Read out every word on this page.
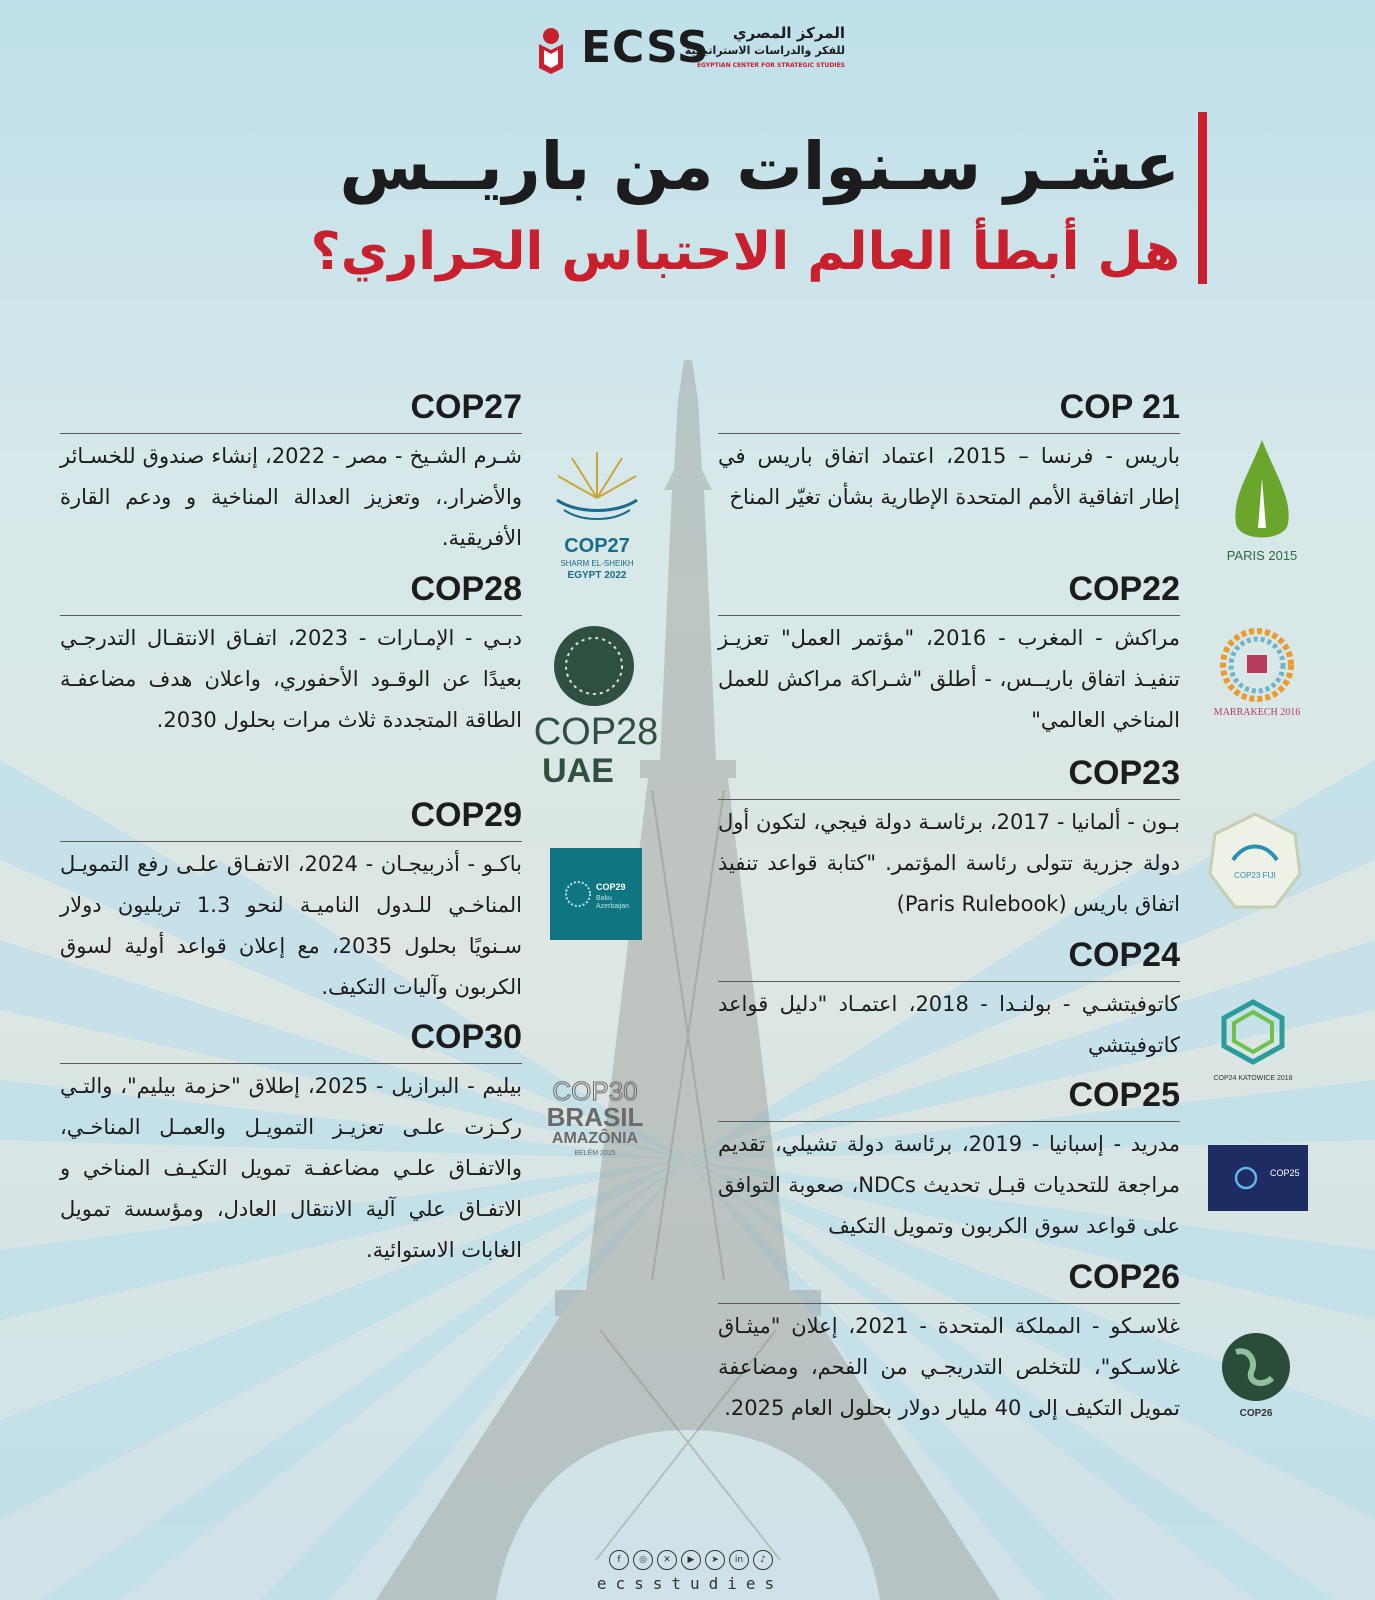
ECSS المركز المصري
للفكر والدراسات الاستراتيجية
EGYPTIAN CENTER FOR STRATEGIC STUDIES
عشـر سـنوات من باريــس
هل أبطأ العالم الاحتباس الحراري؟
COP 21
باريس - فرنسا – 2015، اعتماد اتفاق باريس في إطار اتفاقية الأمم المتحدة الإطارية بشأن تغيّر المناخ
COP22
مراكش - المغرب - 2016، "مؤتمر العمل" تعزيـز تنفيـذ اتفاق باريــس، - أطلق "شـراكة مراكش للعمل المناخي العالمي"
COP23
بـون - ألمانيا - 2017، برئاسـة دولة فيجي، لتكون أول دولة جزرية تتولى رئاسة المؤتمر. "كتابة قواعد تنفيذ اتفاق باريس (Paris Rulebook)
COP24
كاتوفيتشـي - بولنـدا - 2018، اعتمـاد "دليل قواعد كاتوفيتشي
COP25
مدريد - إسبانيا - 2019، برئاسة دولة تشيلي، تقديم مراجعة للتحديات قبـل تحديث NDCs، صعوبة التوافق على قواعد سوق الكربون وتمويل التكيف
COP26
غلاسـكو - المملكة المتحدة - 2021، إعلان "ميثـاق غلاسـكو"، للتخلص التدريجـي من الفحم، ومضاعفة تمويل التكيف إلى 40 مليار دولار بحلول العام 2025.
COP27
شـرم الشـيخ - مصر - 2022، إنشاء صندوق للخسـائر والأضرار.، وتعزيز العدالة المناخية و ودعم القارة الأفريقية.
COP28
دبـي - الإمـارات - 2023، اتفـاق الانتقـال التدرجـي بعيدًا عن الوقـود الأحفوري، واعلان هدف مضاعفـة الطاقة المتجددة ثلاث مرات بحلول 2030.
COP29
باكـو - أذربيجـان - 2024، الاتفـاق علـى رفع التمويـل المناخـي للـدول الناميـة لنحو 1.3 تريليون دولار سـنويًا بحلول 2035، مع إعلان قواعد أولية لسوق الكربون وآليات التكيف.
COP30
بيليم - البرازيل - 2025، إطلاق "حزمة بيليم"، والتـي ركـزت علـى تعزيـز التمويـل والعمـل المناخـي، والاتفـاق علـي مضاعفـة تمويل التكيـف المناخي و الاتفـاق علي آلية الانتقال العادل، ومؤسسة تمويل الغابات الاستوائية.
PARIS 2015
MARRAKECH 2016
COP23 FIJI
COP24 KATOWICE 2018
COP25
COP26
COP27
SHARM EL-SHEIKH
EGYPT 2022
COP28
UAE
COP29
Baku
Azerbaijan
COP30
BRASIL
AMAZÔNIA
BELÉM 2025
f	◎	✕	▶	➤	in	♪
ecsstudies
